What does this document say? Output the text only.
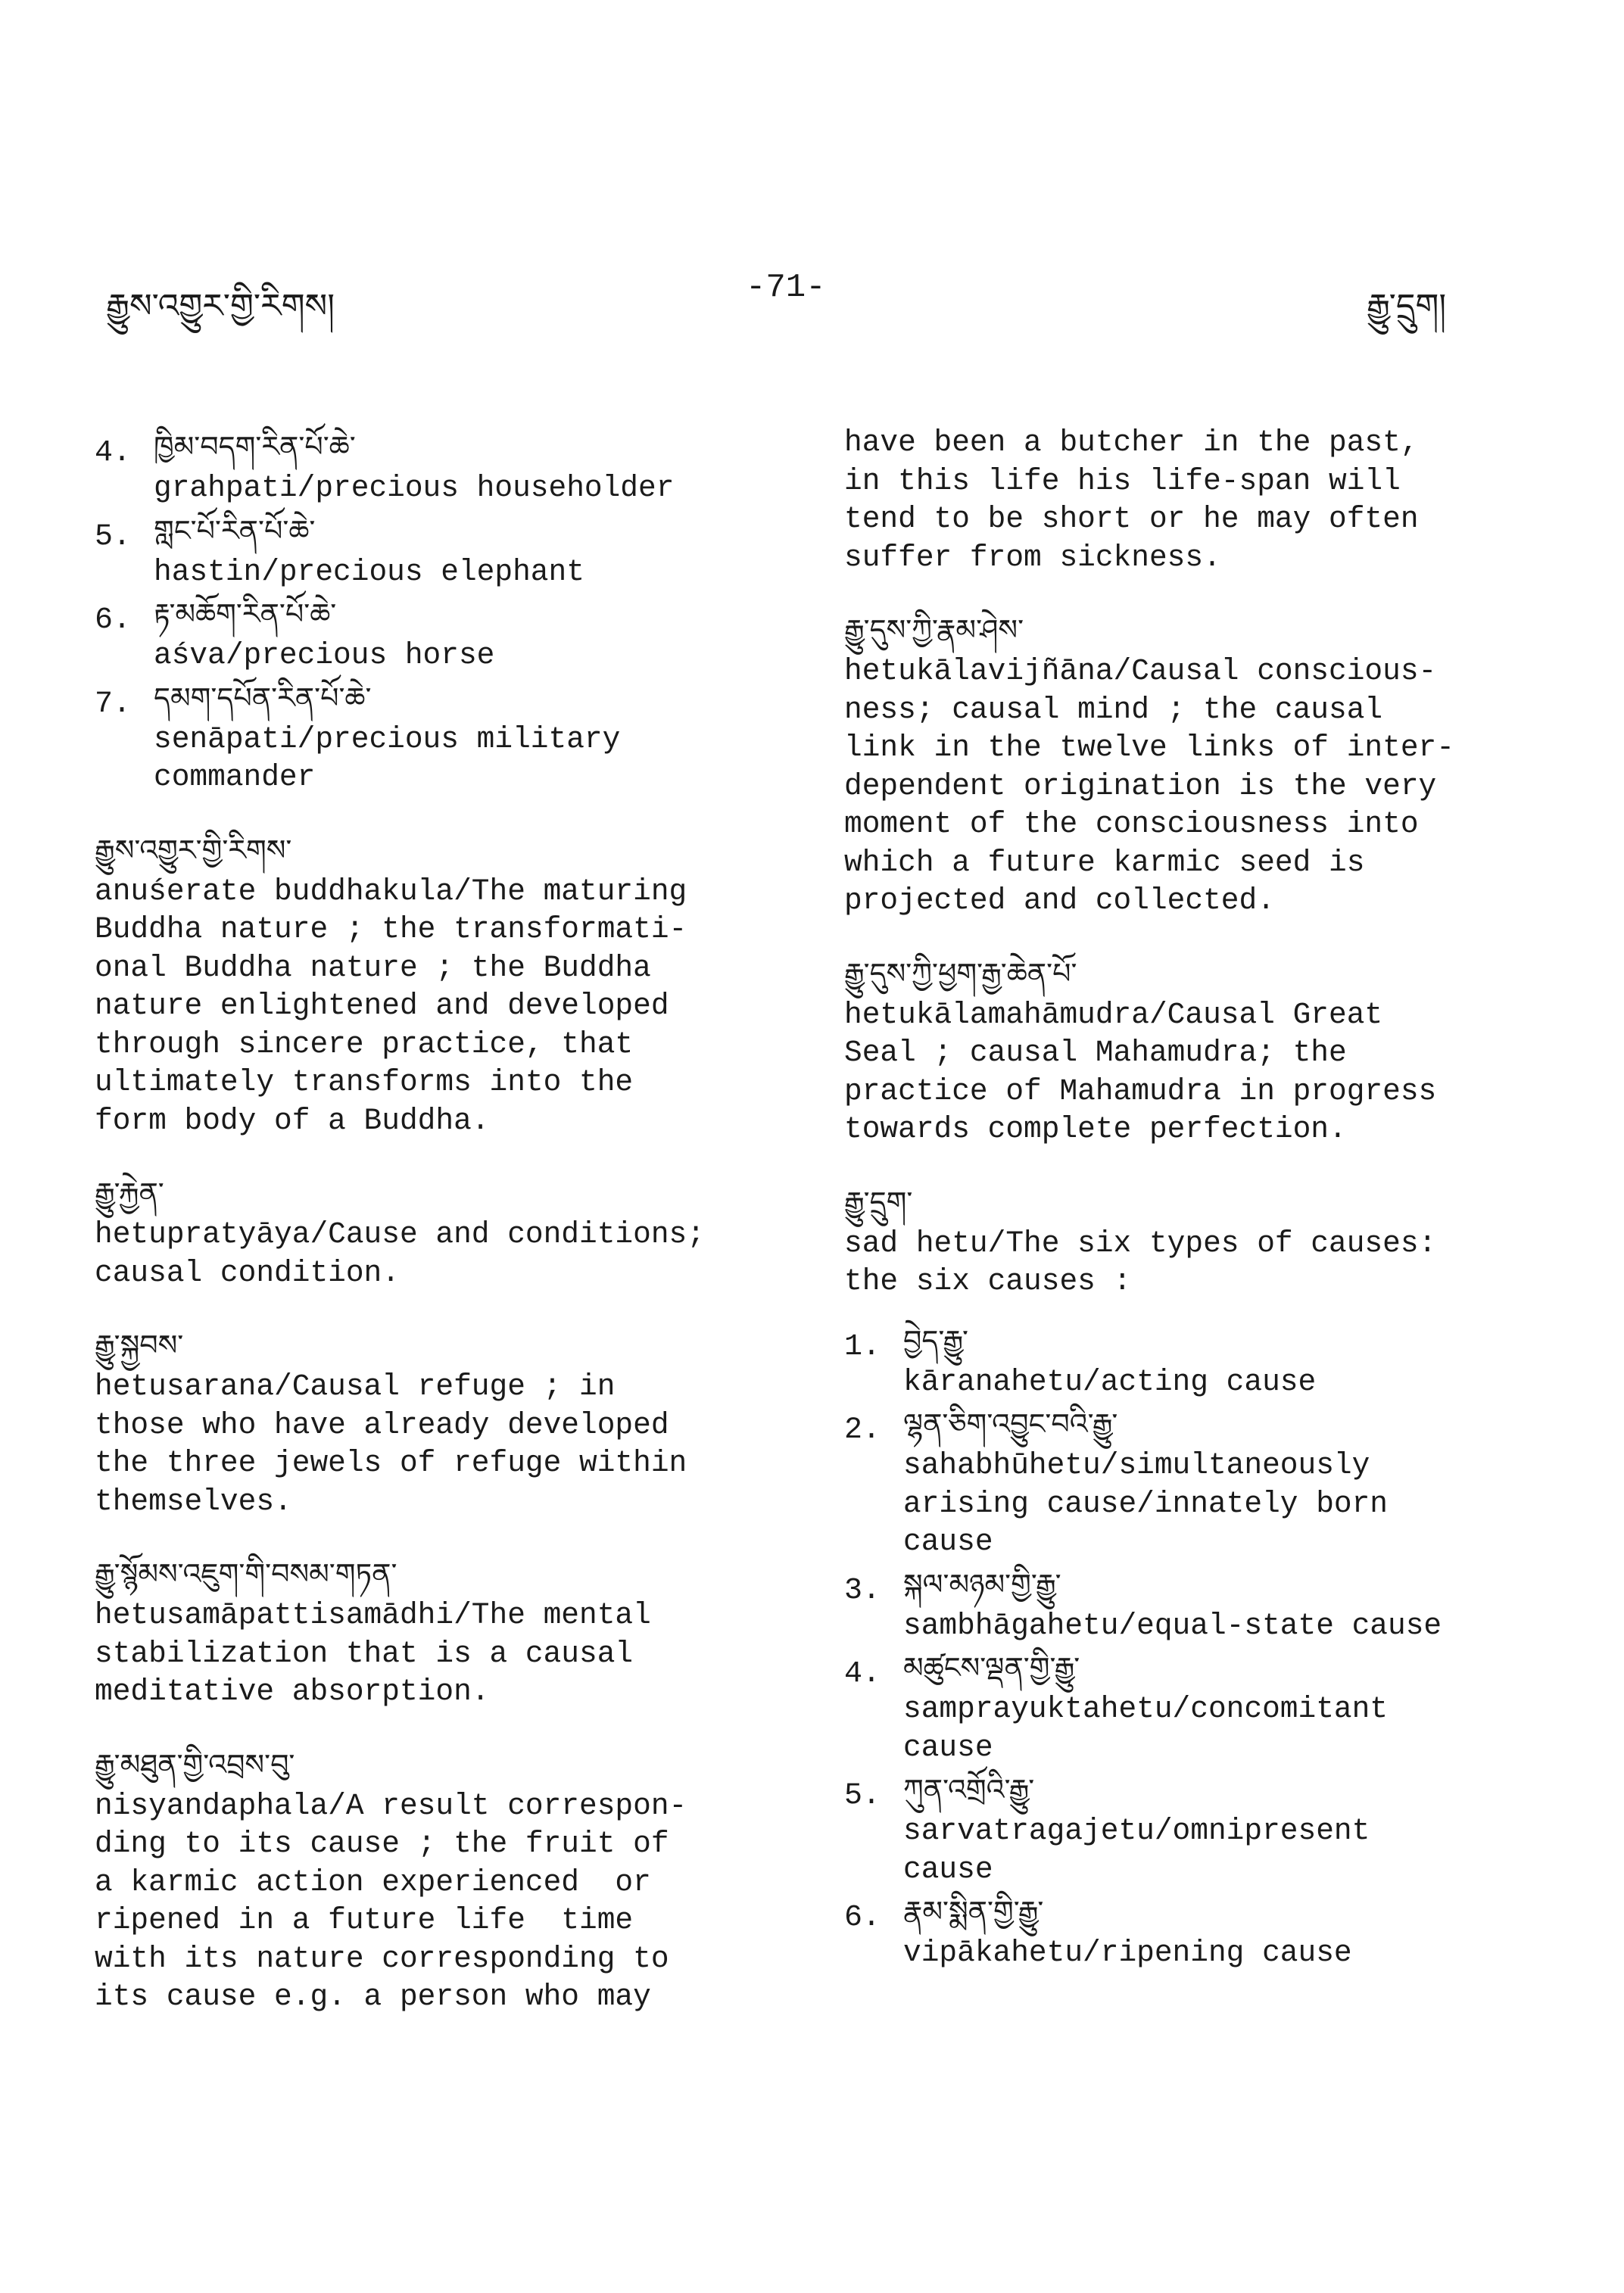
རྒྱུས་འགྱུར་གྱི་རིགས།	-71-	རྒྱུ་དྲུག།
4. ཁྱིམ་བདག་རིན་པོ་ཆེ་
grahpati/precious householder
5. གླང་པོ་རིན་པོ་ཆེ་
hastin/precious elephant
6. རྟ་མཆོག་རིན་པོ་ཆེ་
aśva/precious horse
7. དམག་དཔོན་རིན་པོ་ཆེ་
senāpati/precious military
commander
རྒྱུས་འགྱུར་གྱི་རིགས་
anuśerate buddhakula/The maturing
Buddha nature ; the transformati-
onal Buddha nature ; the Buddha
nature enlightened and developed
through sincere practice, that
ultimately transforms into the
form body of a Buddha.
རྒྱུ་རྐྱེན་
hetupratyāya/Cause and conditions;
causal condition.
རྒྱུ་སྐྱབས་
hetusarana/Causal refuge ; in
those who have already developed
the three jewels of refuge within
themselves.
རྒྱུ་སྙོམས་འཇུག་གི་བསམ་གཏན་
hetusamāpattisamādhi/The mental
stabilization that is a causal
meditative absorption.
རྒྱུ་མཐུན་གྱི་འབྲས་བུ་
nisyandaphala/A result correspon-
ding to its cause ; the fruit of
a karmic action experienced  or
ripened in a future life  time
with its nature corresponding to
its cause e.g. a person who may
have been a butcher in the past,
in this life his life-span will
tend to be short or he may often
suffer from sickness.
རྒྱུ་དུས་ཀྱི་རྣམ་ཤེས་
hetukālavijñāna/Causal conscious-
ness; causal mind ; the causal
link in the twelve links of inter-
dependent origination is the very
moment of the consciousness into
which a future karmic seed is
projected and collected.
རྒྱུ་དུས་ཀྱི་ཕྱག་རྒྱ་ཆེན་པོ་
hetukālamahāmudra/Causal Great
Seal ; causal Mahamudra; the
practice of Mahamudra in progress
towards complete perfection.
རྒྱུ་དྲུག་
sad hetu/The six types of causes:
the six causes :
1. བྱེད་རྒྱུ་
kāranahetu/acting cause
2. ལྷན་ཅིག་འབྱུང་བའི་རྒྱུ་
sahabhūhetu/simultaneously
arising cause/innately born
cause
3. སྐལ་མཉམ་གྱི་རྒྱུ་
sambhāgahetu/equal-state cause
4. མཚུངས་ལྡན་གྱི་རྒྱུ་
samprayuktahetu/concomitant
cause
5. ཀུན་འགྲོའི་རྒྱུ་
sarvatragajetu/omnipresent
cause
6. རྣམ་སྨིན་གྱི་རྒྱུ་
vipākahetu/ripening cause
